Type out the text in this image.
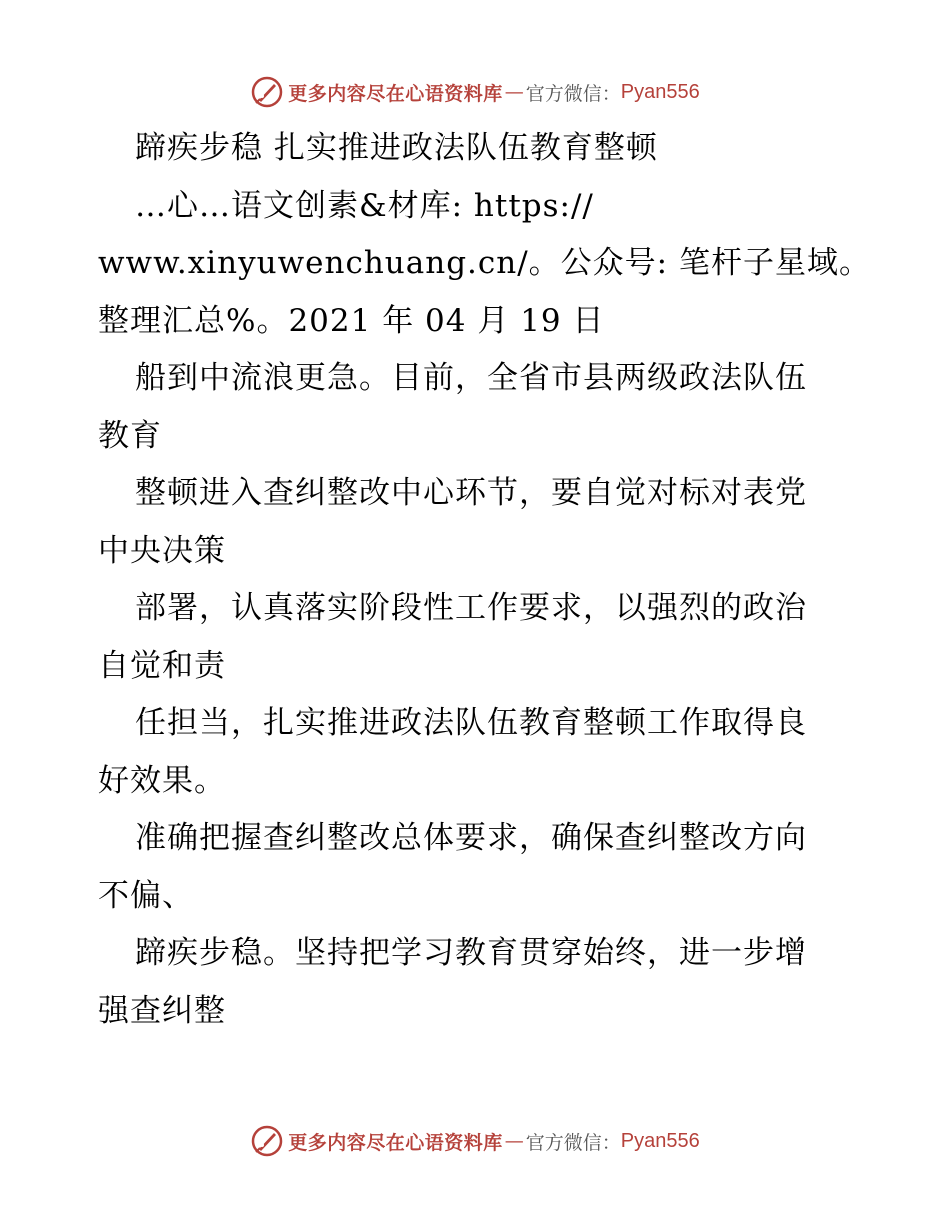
更多内容尽在心语资料库 — 官方微信： Pyan556
蹄疾步稳 扎实推进政法队伍教育整顿
…心…语文创素&材库: https://
www.xinyuwenchuang.cn/。公众号: 笔杆子星域。
整理汇总%。2021 年 04 月 19 日
船到中流浪更急。目前，全省市县两级政法队伍
教育
整顿进入查纠整改中心环节，要自觉对标对表党
中央决策
部署，认真落实阶段性工作要求，以强烈的政治
自觉和责
任担当，扎实推进政法队伍教育整顿工作取得良
好效果。
准确把握查纠整改总体要求，确保查纠整改方向
不偏、
蹄疾步稳。坚持把学习教育贯穿始终，进一步增
强查纠整
更多内容尽在心语资料库 — 官方微信： Pyan556
